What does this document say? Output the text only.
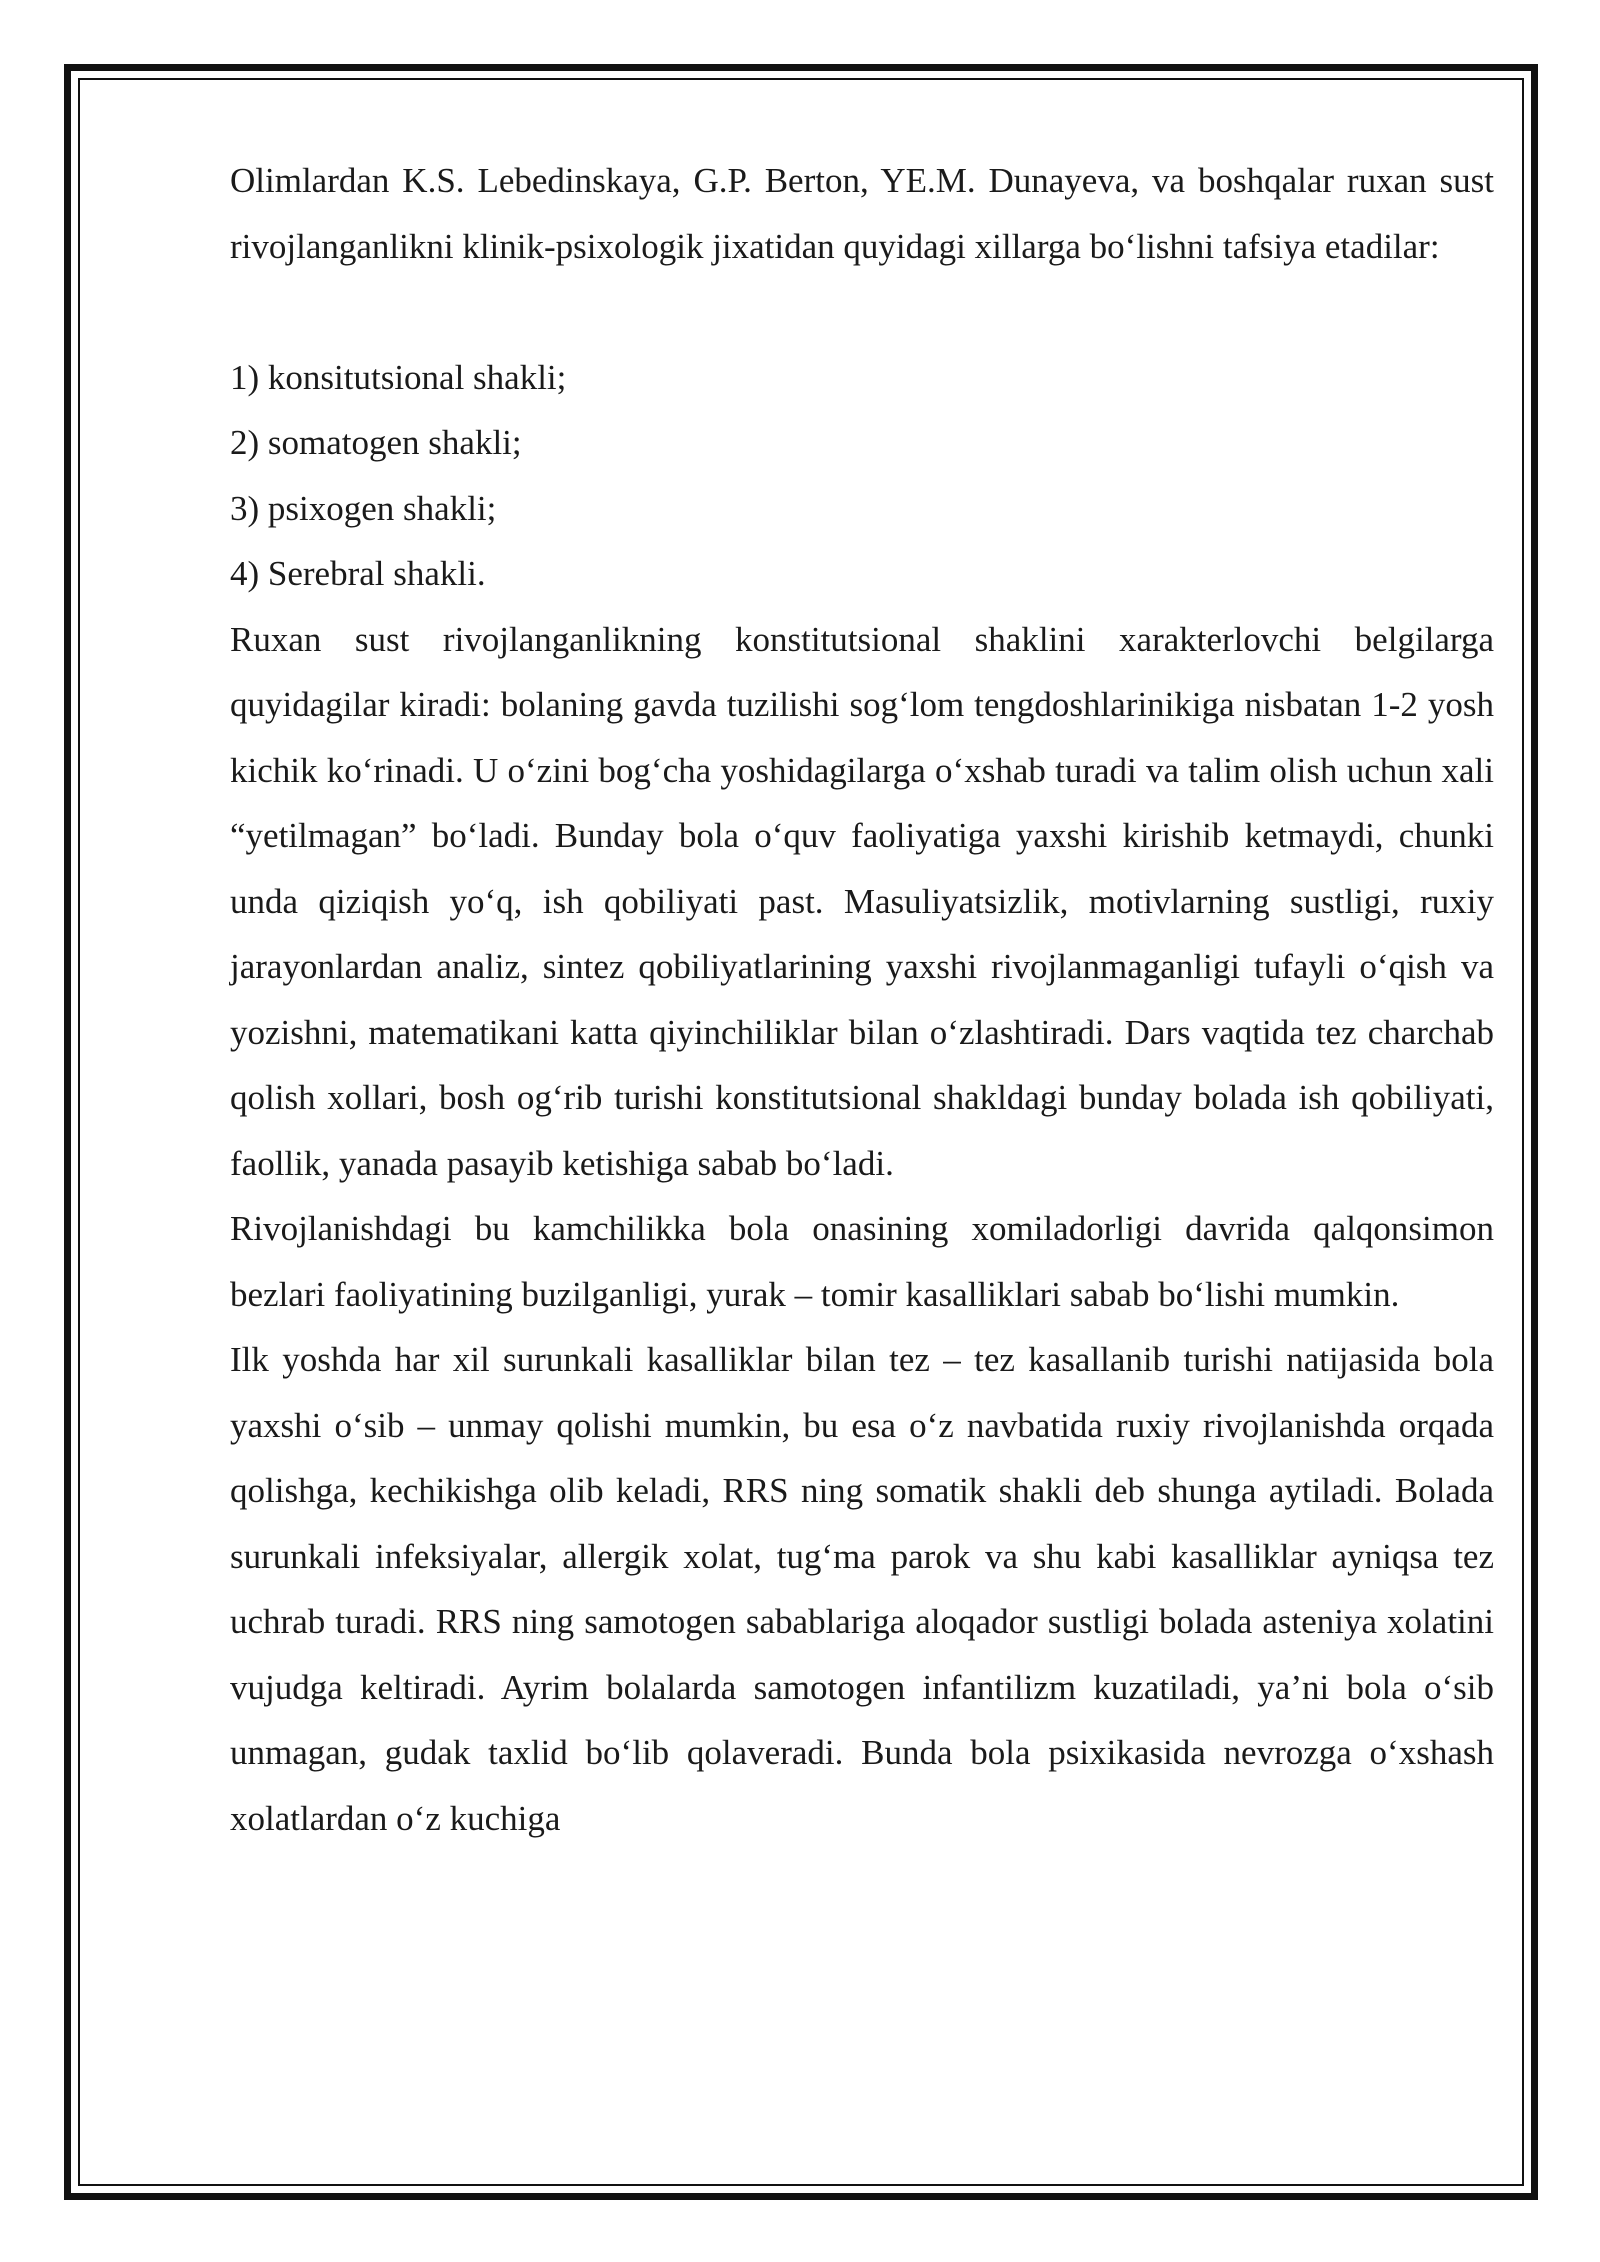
Olimlardan K.S. Lebedinskaya, G.P. Berton, YE.M. Dunayeva, va boshqalar ruxan sust rivojlanganlikni klinik-psixologik jixatidan quyidagi xillarga boʻlishni tafsiya etadilar:

1) konsitutsional shakli;
2) somatogen shakli;
3) psixogen shakli;
4) Serebral shakli.

Ruxan sust rivojlanganlikning konstitutsional shaklini xarakterlovchi belgilarga quyidagilar kiradi: bolaning gavda tuzilishi sogʻlom tengdoshlarinikiga nisbatan 1-2 yosh kichik koʻrinadi. U oʻzini bogʻcha yoshidagilarga oʻxshab turadi va talim olish uchun xali “yetilmagan” boʻladi. Bunday bola oʻquv faoliyatiga yaxshi kirishib ketmaydi, chunki unda qiziqish yoʻq, ish qobiliyati past. Masuliyatsizlik, motivlarning sustligi, ruxiy jarayonlardan analiz, sintez qobiliyatlarining yaxshi rivojlanmaganligi tufayli oʻqish va yozishni, matematikani katta qiyinchiliklar bilan oʻzlashtiradi. Dars vaqtida tez charchab qolish xollari, bosh ogʻrib turishi konstitutsional shakldagi bunday bolada ish qobiliyati, faollik, yanada pasayib ketishiga sabab boʻladi.

Rivojlanishdagi bu kamchilikka bola onasining xomiladorligi davrida qalqonsimon bezlari faoliyatining buzilganligi, yurak – tomir kasalliklari sabab boʻlishi mumkin.

Ilk yoshda har xil surunkali kasalliklar bilan tez – tez kasallanib turishi natijasida bola yaxshi oʻsib – unmay qolishi mumkin, bu esa oʻz navbatida ruxiy rivojlanishda orqada qolishga, kechikishga olib keladi, RRS ning somatik shakli deb shunga aytiladi. Bolada surunkali infeksiyalar, allergik xolat, tugʻma parok va shu kabi kasalliklar ayniqsa tez uchrab turadi. RRS ning samotogen sabablariga aloqador sustligi bolada asteniya xolatini vujudga keltiradi. Ayrim bolalarda samotogen infantilizm kuzatiladi, ya’ni bola oʻsib unmagan, gudak taxlid boʻlib qolaveradi. Bunda bola psixikasida nevrozga oʻxshash xolatlardan oʻz kuchiga
